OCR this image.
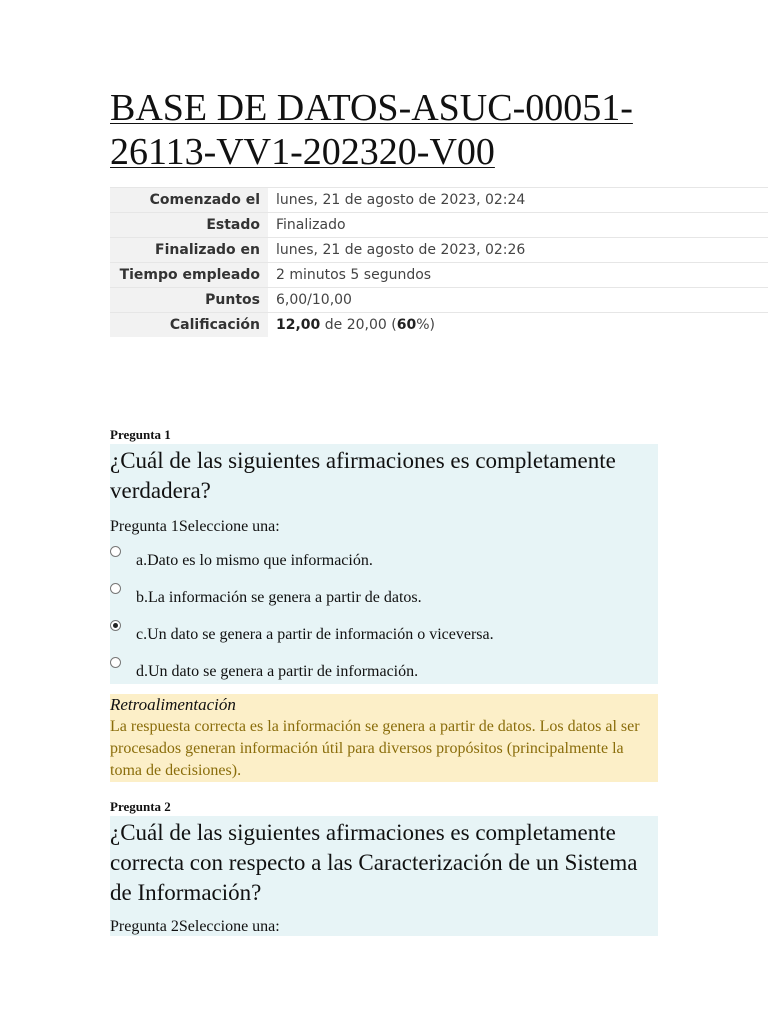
BASE DE DATOS-ASUC-00051-26113-VV1-202320-V00
Comenzado el	lunes, 21 de agosto de 2023, 02:24
Estado	Finalizado
Finalizado en	lunes, 21 de agosto de 2023, 02:26
Tiempo empleado	2 minutos 5 segundos
Puntos	6,00/10,00
Calificación	12,00 de 20,00 (60%)
Pregunta 1

¿Cuál de las siguientes afirmaciones es completamente verdadera?

Pregunta 1Seleccione una:

a.Dato es lo mismo que información.
b.La información se genera a partir de datos.
c.Un dato se genera a partir de información o viceversa.
d.Un dato se genera a partir de información.
Retroalimentación
La respuesta correcta es la información se genera a partir de datos. Los datos al ser procesados generan información útil para diversos propósitos (principalmente la toma de decisiones).
Pregunta 2

¿Cuál de las siguientes afirmaciones es completamente correcta con respecto a las Caracterización de un Sistema de Información?

Pregunta 2Seleccione una:
